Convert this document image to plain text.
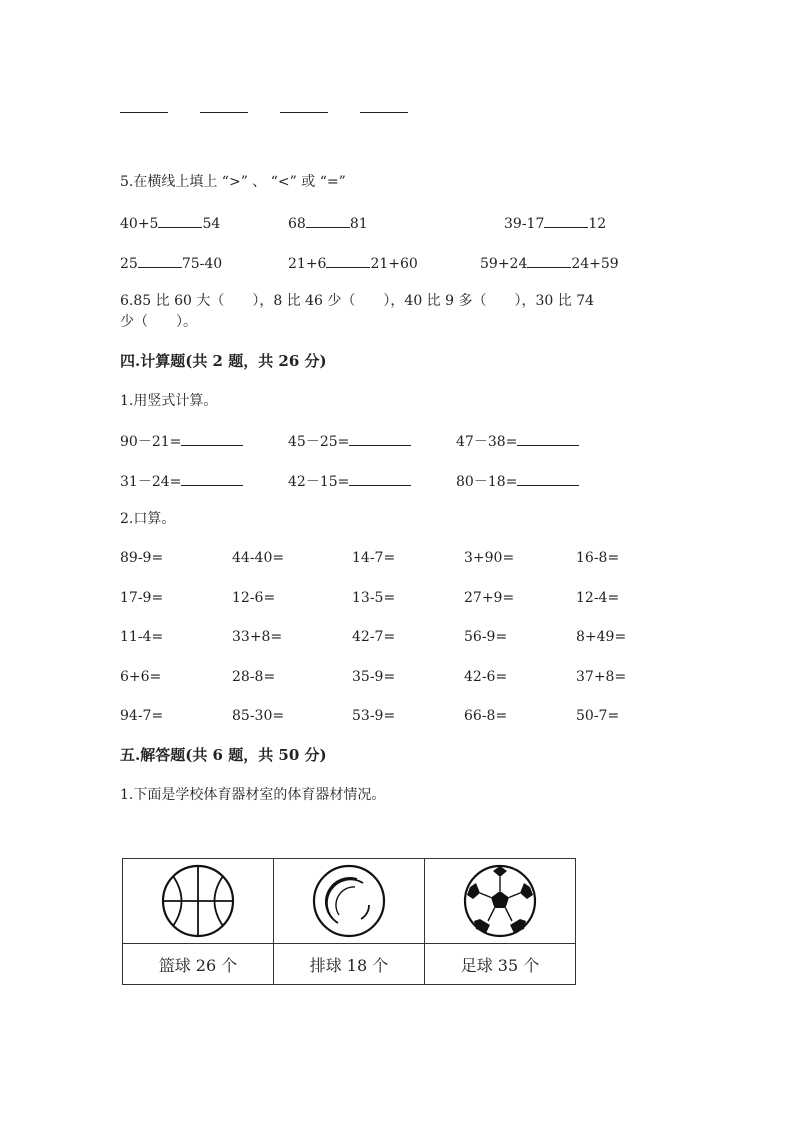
5.在横线上填上 “>” 、 “<” 或 “=”
40+5	54	68	81	39-17	12
25	75-40	21+6	21+60	59+24	24+59
6.85 比 60 大（　　），8 比 46 少（　　），40 比 9 多（　　），30 比 74
少（　　）。
四.计算题(共 2 题，共 26 分)
1.用竖式计算。
90－21=	45－25=	47－38=
31－24=	42－15=	80－18=
2.口算。
89-9=	44-40=	14-7=	3+90=	16-8=
17-9=	12-6=	13-5=	27+9=	12-4=
11-4=	33+8=	42-7=	56-9=	8+49=
6+6=	28-8=	35-9=	42-6=	37+8=
94-7=	85-30=	53-9=	66-8=	50-7=
五.解答题(共 6 题，共 50 分)
1.下面是学校体育器材室的体育器材情况。

篮球 26 个	排球 18 个	足球 35 个
